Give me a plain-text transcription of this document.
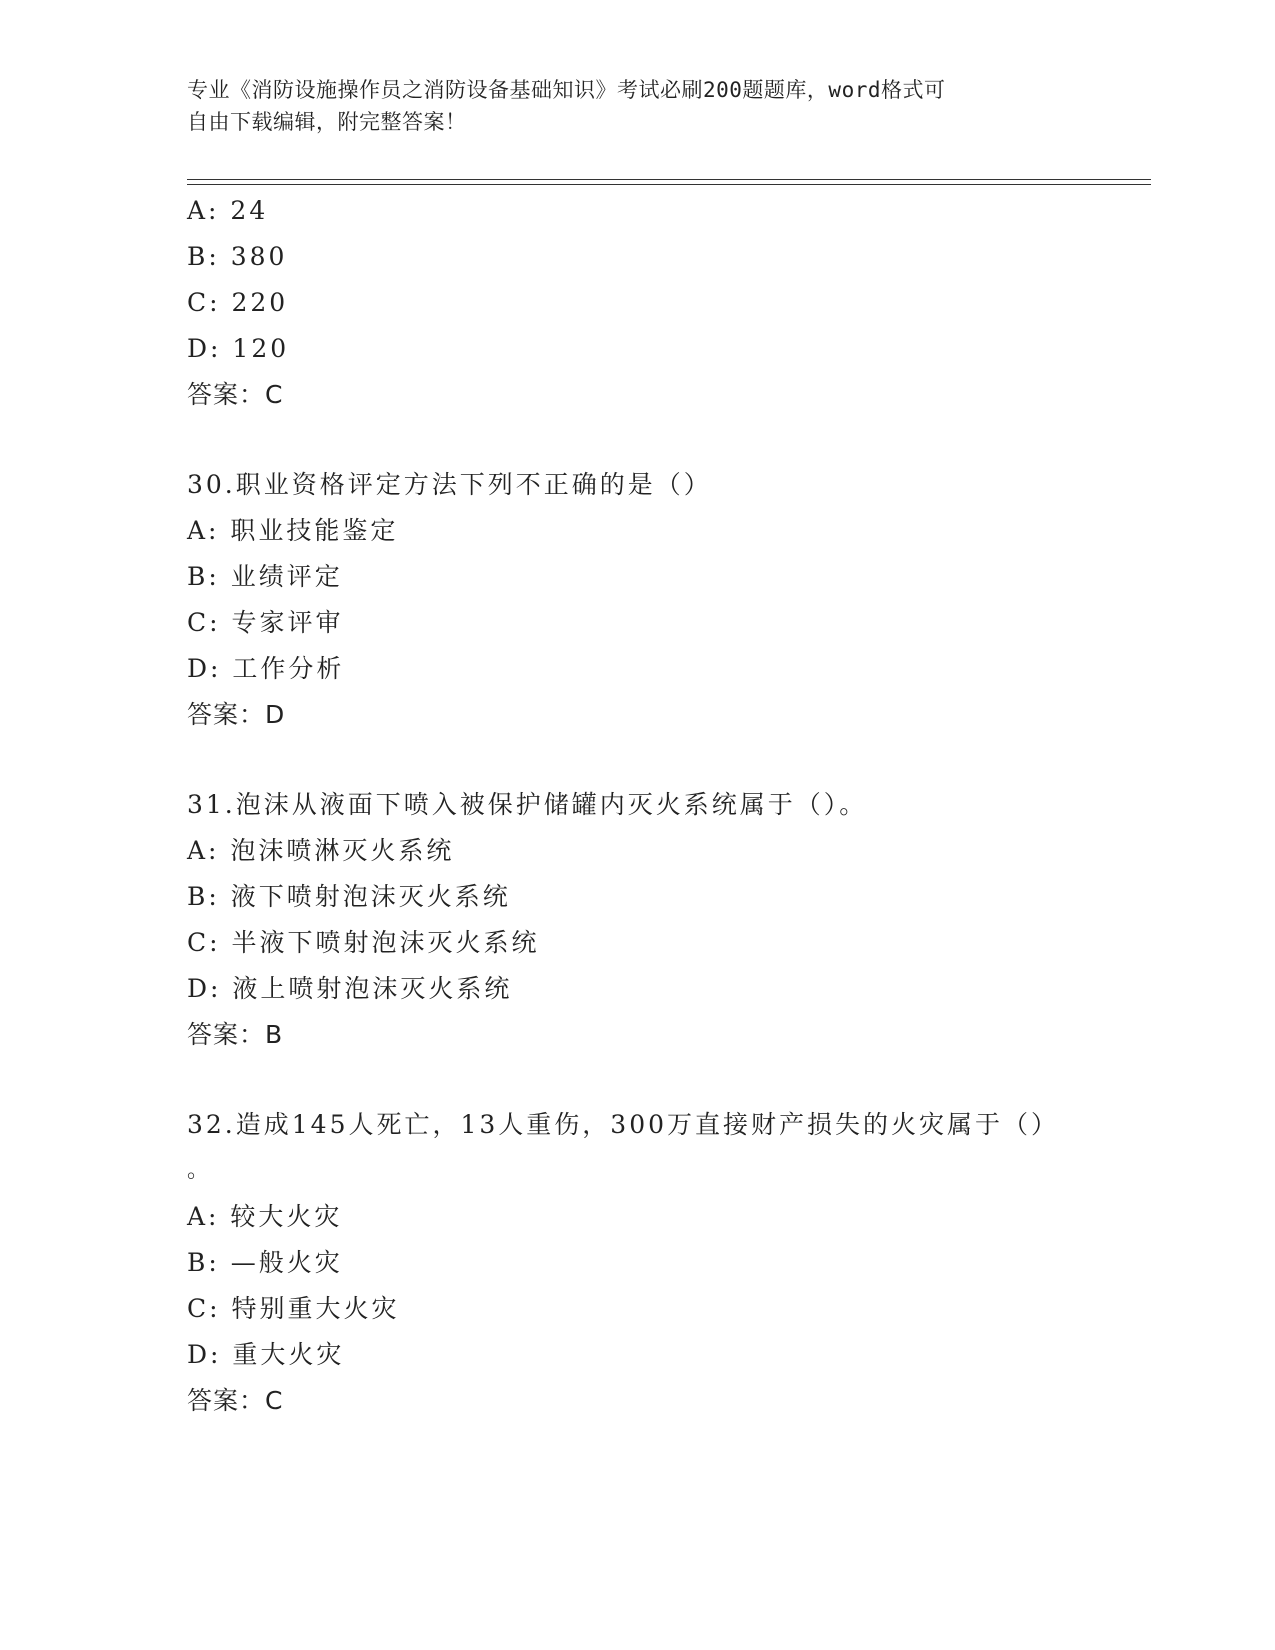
专业《消防设施操作员之消防设备基础知识》考试必刷200题题库，word格式可
自由下载编辑，附完整答案！
A: 24
B: 380
C: 220
D: 120
答案：C
30.职业资格评定方法下列不正确的是（）
A: 职业技能鉴定
B: 业绩评定
C: 专家评审
D: 工作分析
答案：D
31.泡沫从液面下喷入被保护储罐内灭火系统属于（）。
A: 泡沫喷淋灭火系统
B: 液下喷射泡沫灭火系统
C: 半液下喷射泡沫灭火系统
D: 液上喷射泡沫灭火系统
答案：B
32.造成145人死亡，13人重伤，300万直接财产损失的火灾属于（）
。
A: 较大火灾
B: —般火灾
C: 特别重大火灾
D: 重大火灾
答案：C
